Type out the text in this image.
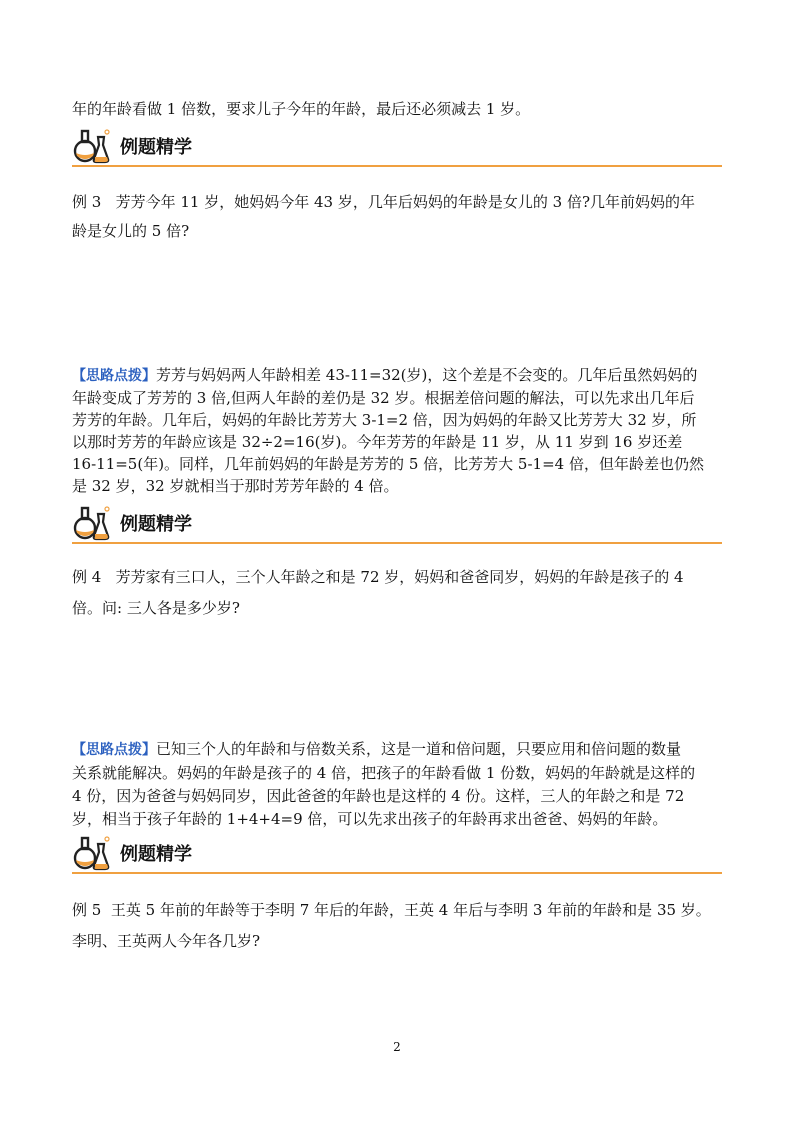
年的年龄看做 1 倍数，要求儿子今年的年龄，最后还必须减去 1 岁。

例题精学

例 3 芳芳今年 11 岁，她妈妈今年 43 岁，几年后妈妈的年龄是女儿的 3 倍?几年前妈妈的年
龄是女儿的 5 倍?

【思路点拨】芳芳与妈妈两人年龄相差 43-11=32(岁)，这个差是不会变的。几年后虽然妈妈的
年龄变成了芳芳的 3 倍,但两人年龄的差仍是 32 岁。根据差倍问题的解法，可以先求出几年后
芳芳的年龄。几年后，妈妈的年龄比芳芳大 3-1=2 倍，因为妈妈的年龄又比芳芳大 32 岁，所
以那时芳芳的年龄应该是 32÷2=16(岁)。今年芳芳的年龄是 11 岁，从 11 岁到 16 岁还差
16-11=5(年)。同样，几年前妈妈的年龄是芳芳的 5 倍，比芳芳大 5-1=4 倍，但年龄差也仍然
是 32 岁，32 岁就相当于那时芳芳年龄的 4 倍。

例题精学

例 4 芳芳家有三口人，三个人年龄之和是 72 岁，妈妈和爸爸同岁，妈妈的年龄是孩子的 4
倍。问: 三人各是多少岁?

【思路点拨】已知三个人的年龄和与倍数关系，这是一道和倍问题，只要应用和倍问题的数量
关系就能解决。妈妈的年龄是孩子的 4 倍，把孩子的年龄看做 1 份数，妈妈的年龄就是这样的
4 份，因为爸爸与妈妈同岁，因此爸爸的年龄也是这样的 4 份。这样，三人的年龄之和是 72
岁，相当于孩子年龄的 1+4+4=9 倍，可以先求出孩子的年龄再求出爸爸、妈妈的年龄。

例题精学

例 5 王英 5 年前的年龄等于李明 7 年后的年龄，王英 4 年后与李明 3 年前的年龄和是 35 岁。
李明、王英两人今年各几岁?

2
